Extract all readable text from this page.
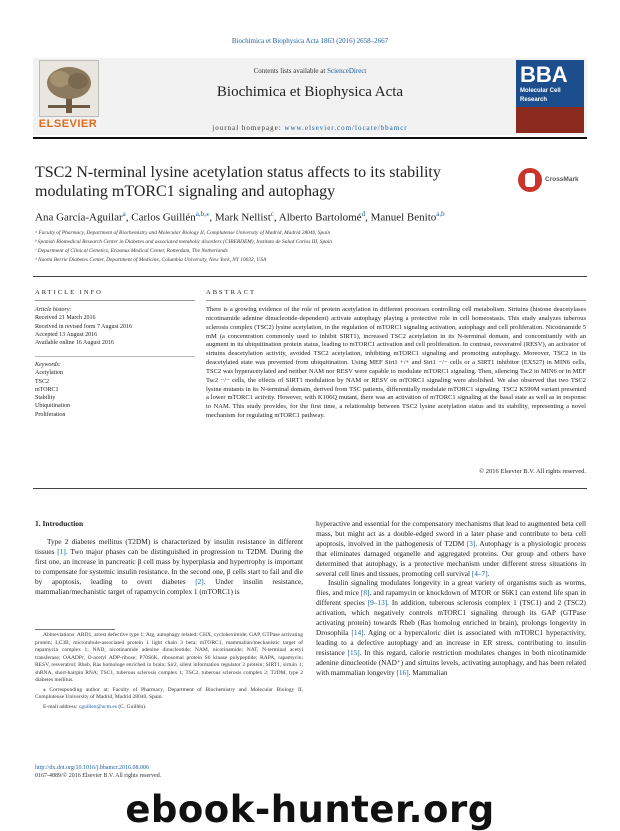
Biochimica et Biophysica Acta 1863 (2016) 2658–2667
ELSEVIER
Contents lists available at ScienceDirect
Biochimica et Biophysica Acta
journal homepage: www.elsevier.com/locate/bbamcr
BBA
Molecular Cell
Research
TSC2 N-terminal lysine acetylation status affects to its stability modulating mTORC1 signaling and autophagy
CrossMark
Ana García-Aguilar$^a$, Carlos Guillén$^{a,b,⁎}$, Mark Nellist$^c$, Alberto Bartolomé$^d$, Manuel Benito$^{a,b}$
ᵃ Faculty of Pharmacy, Department of Biochemistry and Molecular Biology II, Complutense University of Madrid, Madrid 28040, Spain
ᵇ Spanish Biomedical Research Center in Diabetes and associated metabolic disorders (CIBERDEM), Instituto de Salud Carlos III, Spain
ᶜ Department of Clinical Genetics, Erasmus Medical Center, Rotterdam, The Netherlands
ᵈ Naomi Berrie Diabetes Center, Department of Medicine, Columbia University, New York, NY 10032, USA
ARTICLE INFO	ABSTRACT
Article history:
Received 21 March 2016
Received in revised form 7 August 2016
Accepted 13 August 2016
Available online 16 August 2016
Keywords:
Acetylation
TSC2
mTORC1
Stability
Ubiquitination
Proliferation
There is a growing evidence of the role of protein acetylation in different processes controlling cell metabolism. Sirtuins (histone deacetylases nicotinamide adenine dinucleotide-dependent) activate autophagy playing a protective role in cell homeostasis. This study analyzes tuberous sclerosis complex (TSC2) lysine acetylation, in the regulation of mTORC1 signaling activation, autophagy and cell proliferation. Nicotinamide 5 mM (a concentration commonly used to inhibit SIRT1), increased TSC2 acetylation in its N-terminal domain, and concomitantly with an augment in its ubiquitination protein status, leading to mTORC1 activation and cell proliferation. In contrast, resveratrol (RESV), an activator of sirtuins deacetylation activity, avoided TSC2 acetylation, inhibiting mTORC1 signaling and promoting autophagy. Moreover, TSC2 in its deacetylated state was prevented from ubiquitination. Using MEF Sirt1 +/+ and Sirt1 −/− cells or a SIRT1 inhibitor (EX527) in MIN6 cells, TSC2 was hyperacetylated and neither NAM nor RESV were capable to modulate mTORC1 signaling. Then, silencing Tsc2 in MIN6 or in MEF Tsc2 −/− cells, the effects of SIRT1 modulation by NAM or RESV on mTORC1 signaling were abolished. We also observed that two TSC2 lysine mutants in its N-terminal domain, derived from TSC patients, differentially modulate mTORC1 signaling. TSC2 K599M variant presented a lower mTORC1 activity. However, with K106Q mutant, there was an activation of mTORC1 signaling at the basal state as well as in response to NAM. This study provides, for the first time, a relationship between TSC2 lysine acetylation status and its stability, representing a novel mechanism for regulating mTORC1 pathway.
© 2016 Elsevier B.V. All rights reserved.
1. Introduction

Type 2 diabetes mellitus (T2DM) is characterized by insulin resistance in different tissues [1]. Two major phases can be distinguished in progression to T2DM. During the first one, an increase in pancreatic β cell mass by hyperplasia and hypertrophy is important to compensate for systemic insulin resistance. In the second one, β cells start to fail and die by apoptosis, leading to overt diabetes [2]. Under insulin resistance, mammalian/mechanistic target of rapamycin complex 1 (mTORC1) is

Abbreviations: ARD1, arrest defective type 1; Atg, autophagy related; CHX, cycloheximide; GAP, GTPase activating protein; LC3B, microtubule-associated protein 1 light chain 3 beta; mTORC1, mammalian/mechanistic target of rapamycin complex 1; NAD, nicotinamide adenine dinucleotide; NAM, nicotinamide; NAT, N-terminal acetyl transferase; OAADPr, O-acetyl ADP-ribose; P70S6K, ribosomal protein S6 kinase polypeptide; RAPA, rapamycin; RESV, resveratrol; Rheb, Ras homologe enriched in brain; Sir2, silent information regulator 2 protein; SIRT1, sirtuin 1; shRNA, short-hairpin RNA; TSC1, tuberous sclerosis complex 1; TSC2, tuberous sclerosis complex 2; T2DM, type 2 diabetes mellitus.

⁎ Corresponding author at: Faculty of Pharmacy, Department of Biochemistry and Molecular Biology II, Complutense University of Madrid, Madrid 28040, Spain.

E-mail address: cguillen@ucm.es (C. Guillén).

hyperactive and essential for the compensatory mechanisms that lead to augmented beta cell mass, but might act as a double-edged sword in a later phase and contribute to beta cell apoptosis, involved in the pathogenesis of T2DM [3]. Autophagy is a physiologic process that eliminates damaged organelle and aggregated proteins. Our group and others have determined that autophagy, is a protective mechanism under different stress situations in several cell lines and tissues, promoting cell survival [4–7].

Insulin signaling modulates longevity in a great variety of organisms such as worms, flies, and mice [8], and rapamycin or knockdown of MTOR or S6K1 can extend life span in different species [9–13]. In addition, tuberous sclerosis complex 1 (TSC1) and 2 (TSC2) activation, which negatively controls mTORC1 signaling through its GAP (GTPase activating protein) towards Rheb (Ras homolog enriched in brain), prolongs longevity in Drosophila [14]. Aging or a hypercaloric diet is associated with mTORC1 hyperactivity, leading to a defective autophagy and an increase in ER stress, contributing to insulin resistance [15]. In this regard, calorie restriction modulates changes in both nicotinamide adenine dinucleotide (NAD⁺) and sirtuins levels, activating autophagy, and has been related with mammalian longevity [16]. Mammalian

http://dx.doi.org/10.1016/j.bbamcr.2016.08.006
0167-4889/© 2016 Elsevier B.V. All rights reserved.
ebook-hunter.org
